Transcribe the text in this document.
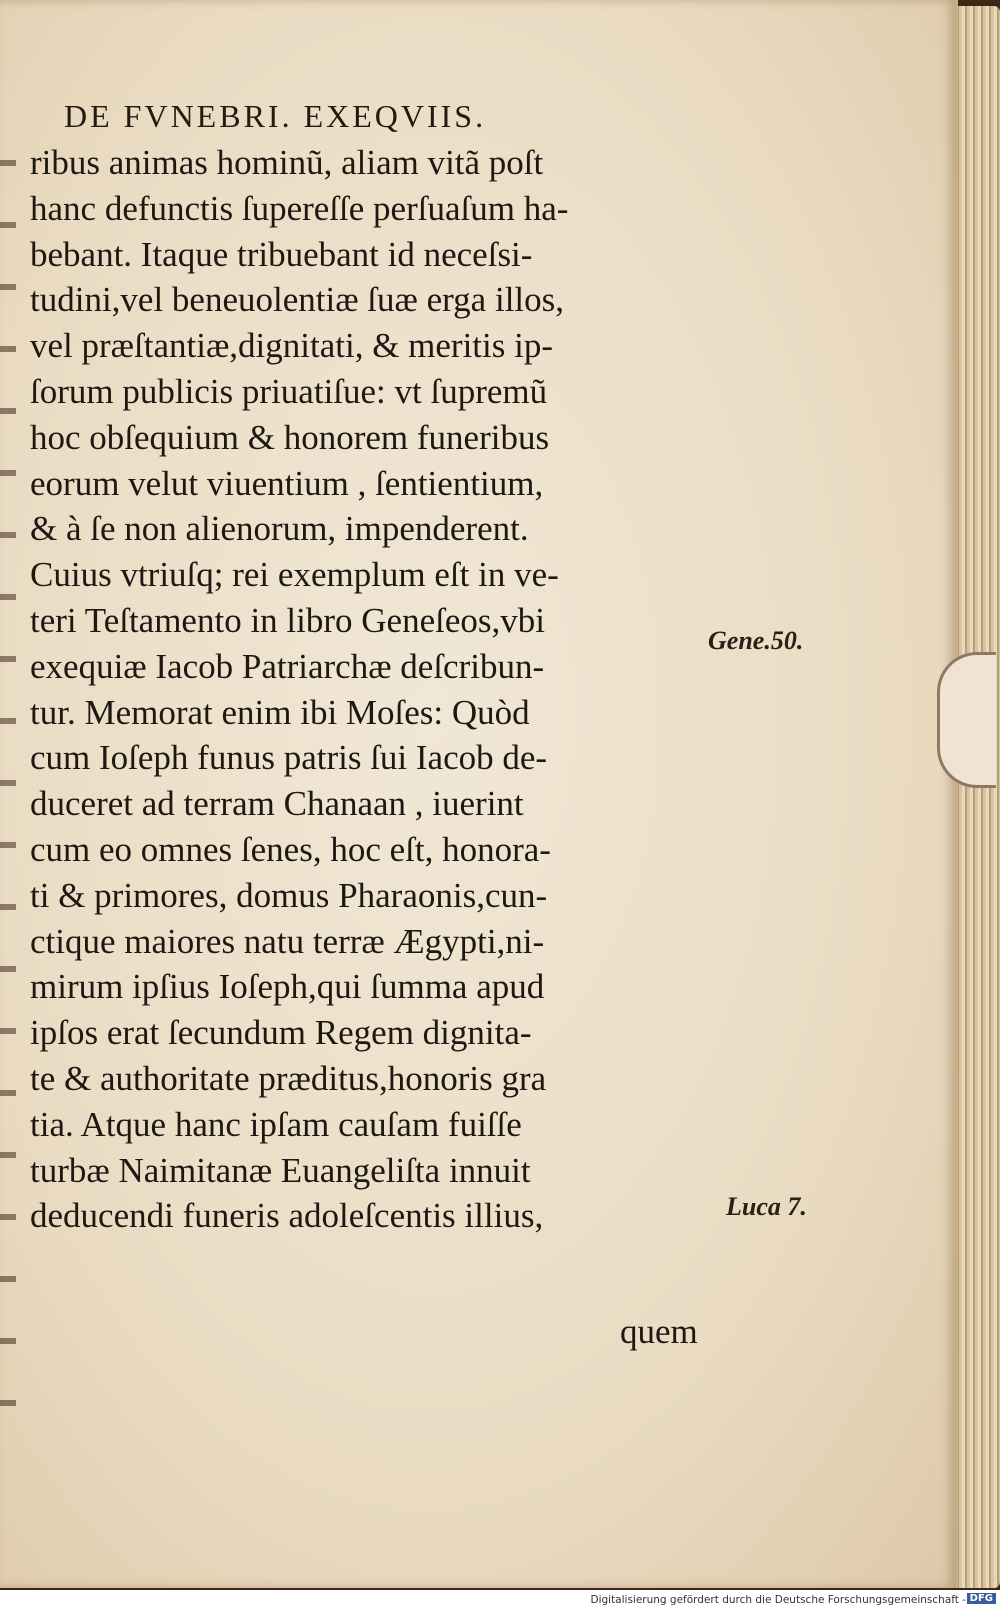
DE FVNEBRI. EXEQVIIS.
ribus animas hominũ, aliam vitã poſt
hanc defunctis ſupereſſe perſuaſum ha-
bebant. Itaque tribuebant id neceſsi-
tudini,vel beneuolentiæ ſuæ erga illos,
vel præſtantiæ,dignitati, & meritis ip-
ſorum publicis priuatiſue: vt ſupremũ
hoc obſequium & honorem funeribus
eorum velut viuentium , ſentientium,
& à ſe non alienorum, impenderent.
Cuius vtriuſq; rei exemplum eſt in ve-
teri Teſtamento in libro Geneſeos,vbi
exequiæ Iacob Patriarchæ deſcribun-
tur. Memorat enim ibi Moſes: Quòd
cum Ioſeph funus patris ſui Iacob de-
duceret ad terram Chanaan , iuerint
cum eo omnes ſenes, hoc eſt, honora-
ti & primores, domus Pharaonis,cun-
ctique maiores natu terræ Ægypti,ni-
mirum ipſius Ioſeph,qui ſumma apud
ipſos erat ſecundum Regem dignita-
te & authoritate præditus,honoris gra
tia. Atque hanc ipſam cauſam fuiſſe
turbæ Naimitanæ Euangeliſta innuit
deducendi funeris adoleſcentis illius,
quem
Gene.50.
Luca 7.
Digitalisierung gefördert durch die Deutsche Forschungsgemeinschaft - DFG
